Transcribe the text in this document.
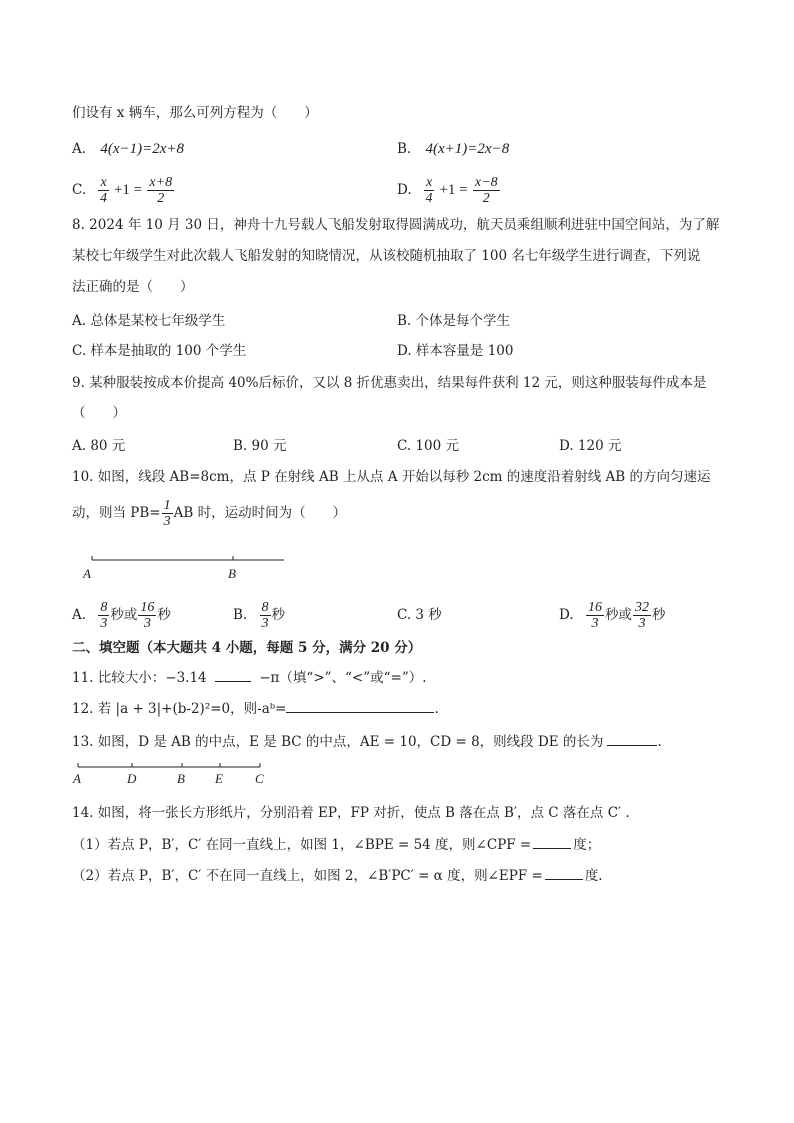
们设有 x 辆车，那么可列方程为（　　）
A. 4(x−1)=2x+8	B. 4(x+1)=2x−8
C. $\frac{x}{4} +1 = \frac{x+8}{2}$	D. $\frac{x}{4} +1 = \frac{x-8}{2}$
8. 2024 年 10 月 30 日，神舟十九号载人飞船发射取得圆满成功，航天员乘组顺利进驻中国空间站，为了解
某校七年级学生对此次载人飞船发射的知晓情况，从该校随机抽取了 100 名七年级学生进行调查，下列说
法正确的是（　　）
A. 总体是某校七年级学生	B. 个体是每个学生
C. 样本是抽取的 100 个学生	D. 样本容量是 100
9. 某种服装按成本价提高 40%后标价，又以 8 折优惠卖出，结果每件获利 12 元，则这种服装每件成本是
（　　）
A. 80 元	B. 90 元	C. 100 元	D. 120 元
10. 如图，线段 AB=8cm，点 P 在射线 AB 上从点 A 开始以每秒 2cm 的速度沿着射线 AB 的方向匀速运
动，则当 $PB= \frac{1}{3}$ AB 时，运动时间为（　　）
A	B
A. $\frac{8}{3}$ 秒或 $\frac{16}{3}$ 秒	B. $\frac{8}{3}$ 秒	C. 3 秒	D. $\frac{16}{3}$ 秒或 $\frac{32}{3}$ 秒
二、填空题（本大题共 4 小题，每题 5 分，满分 20 分）
11. 比较大小：−3.14	−π（填“>”、“<”或“=”）.
12. 若 |a + 3|+(b-2)²=0，则-aᵇ=	.
13. 如图，D 是 AB 的中点，E 是 BC 的中点，AE = 10，CD = 8，则线段 DE 的长为	.
A	D	B E C
14. 如图，将一张长方形纸片，分别沿着 EP，FP 对折，使点 B 落在点 B′，点 C 落在点 C′ .
（1）若点 P，B′，C′ 在同一直线上，如图 1，∠BPE = 54 度，则∠CPF =	度；
（2）若点 P，B′，C′ 不在同一直线上，如图 2，∠B′PC′ = α 度，则∠EPF =	度.
